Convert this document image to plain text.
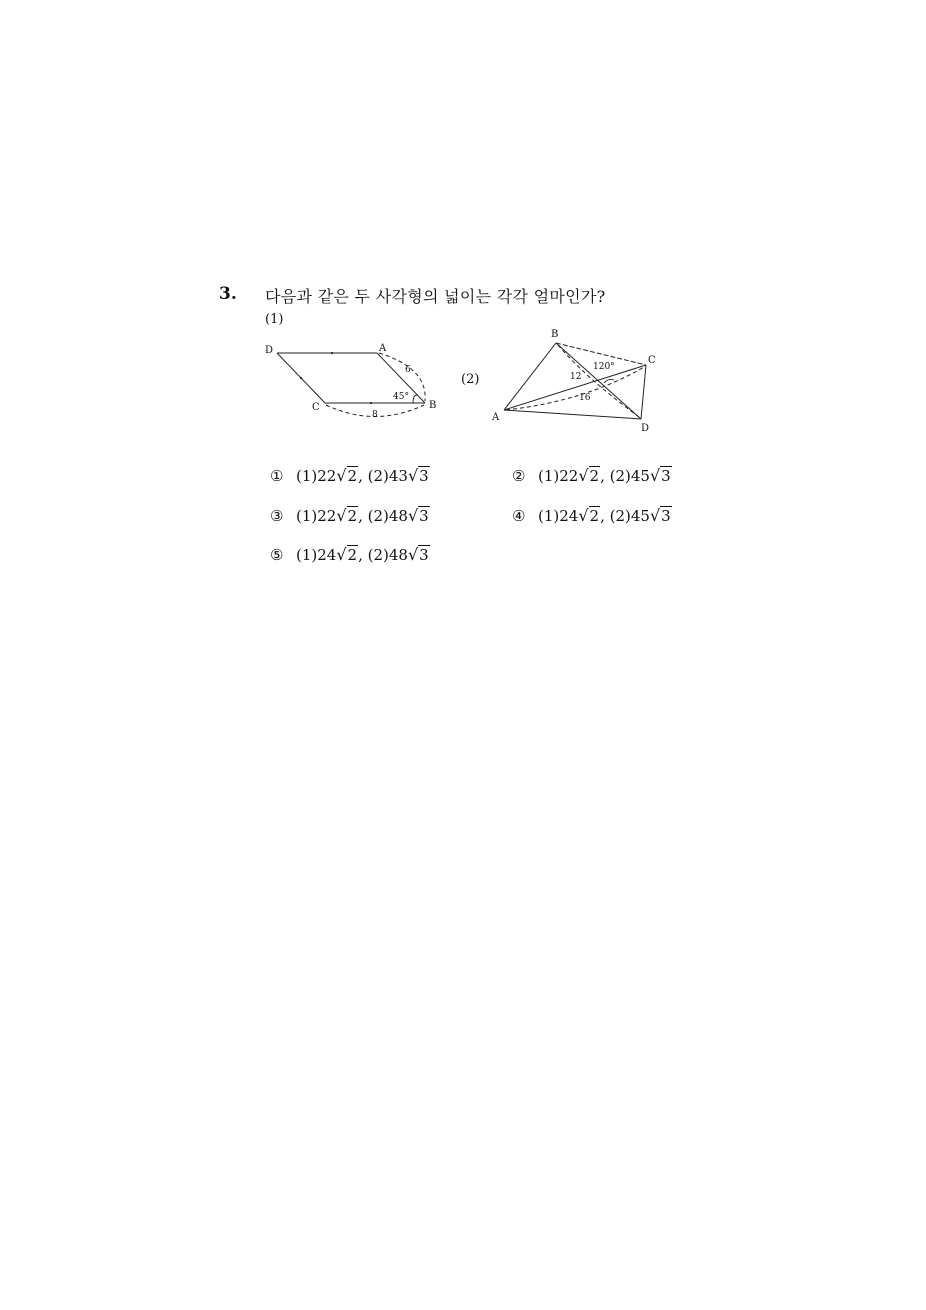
3. 다음과 같은 두 사각형의 넓이는 각각 얼마인가?
(1)
(2)
D	A
B
C
6
8
45°
A
B
C
D
12
16
120°
① (1)22√2, (2)43√3	② (1)22√2, (2)45√3
③ (1)22√2, (2)48√3	④ (1)24√2, (2)45√3
⑤ (1)24√2, (2)48√3
